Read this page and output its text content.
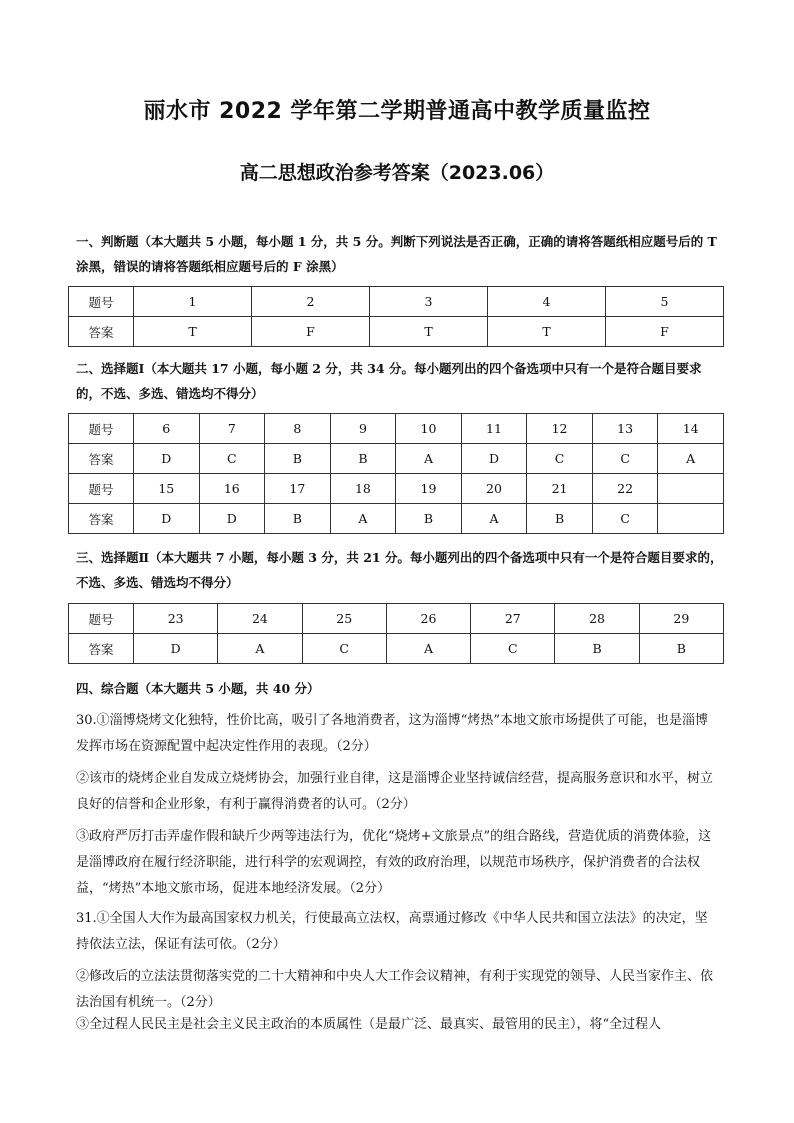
丽水市 2022 学年第二学期普通高中教学质量监控
高二思想政治参考答案（2023.06）
一、判断题（本大题共 5 小题，每小题 1 分，共 5 分。判断下列说法是否正确，正确的请将答题纸相应题号后的 T 涂黑，错误的请将答题纸相应题号后的 F 涂黑）
题号	1	2	3	4	5
答案	T	F	T	T	F
二、选择题Ⅰ（本大题共 17 小题，每小题 2 分，共 34 分。每小题列出的四个备选项中只有一个是符合题目要求的，不选、多选、错选均不得分）
题号	6	7	8	9	10	11	12	13	14
答案	D	C	B	B	A	D	C	C	A
题号	15	16	17	18	19	20	21	22	
答案	D	D	B	A	B	A	B	C	
三、选择题Ⅱ（本大题共 7 小题，每小题 3 分，共 21 分。每小题列出的四个备选项中只有一个是符合题目要求的，不选、多选、错选均不得分）
题号	23	24	25	26	27	28	29
答案	D	A	C	A	C	B	B
四、综合题（本大题共 5 小题，共 40 分）
30.①淄博烧烤文化独特，性价比高，吸引了各地消费者，这为淄博“烤热”本地文旅市场提供了可能，也是淄博发挥市场在资源配置中起决定性作用的表现。（2分）
②该市的烧烤企业自发成立烧烤协会，加强行业自律，这是淄博企业坚持诚信经营，提高服务意识和水平，树立良好的信誉和企业形象，有利于赢得消费者的认可。（2分）
③政府严厉打击弄虚作假和缺斤少两等违法行为，优化“烧烤+文旅景点”的组合路线，营造优质的消费体验，这是淄博政府在履行经济职能，进行科学的宏观调控，有效的政府治理，以规范市场秩序，保护消费者的合法权益，“烤热”本地文旅市场，促进本地经济发展。（2分）
31.①全国人大作为最高国家权力机关，行使最高立法权，高票通过修改《中华人民共和国立法法》的决定，坚持依法立法，保证有法可依。（2分）
②修改后的立法法贯彻落实党的二十大精神和中央人大工作会议精神，有利于实现党的领导、人民当家作主、依法治国有机统一。（2分）
③全过程人民民主是社会主义民主政治的本质属性（是最广泛、最真实、最管用的民主），将“全过程人
